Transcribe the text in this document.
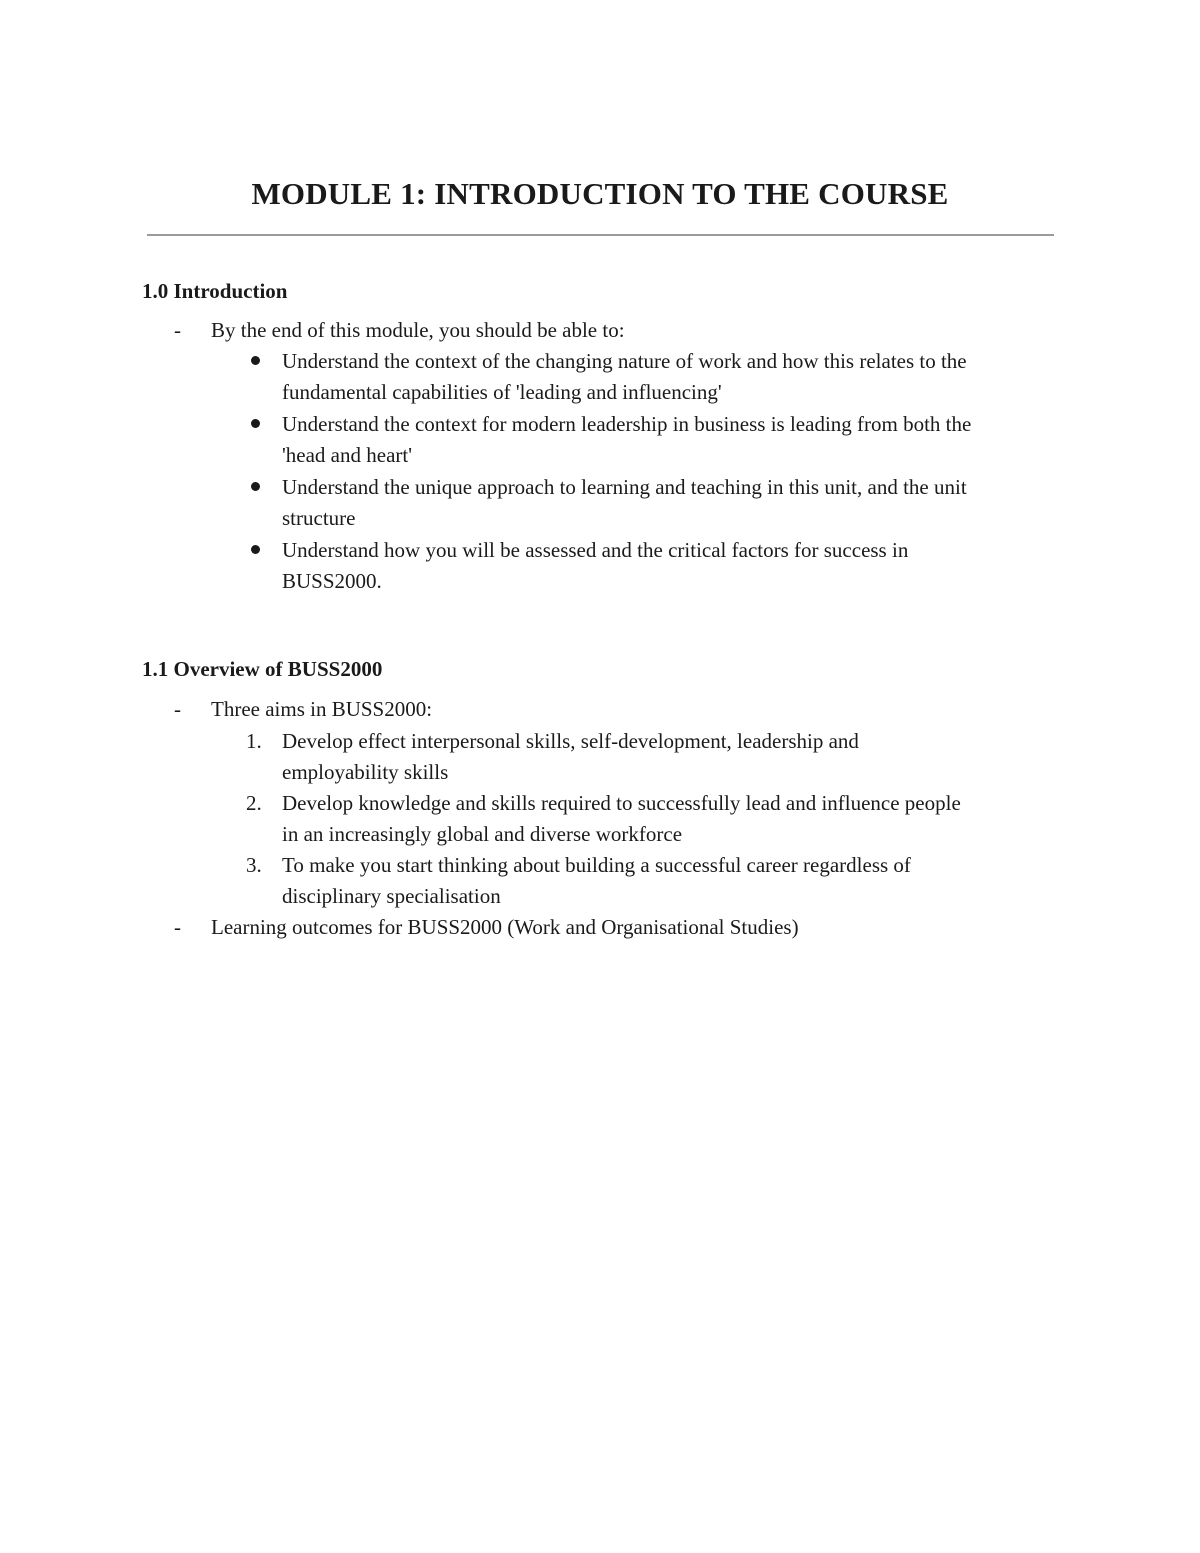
MODULE 1: INTRODUCTION TO THE COURSE
1.0 Introduction
- By the end of this module, you should be able to:
Understand the context of the changing nature of work and how this relates to the
fundamental capabilities of 'leading and influencing'
Understand the context for modern leadership in business is leading from both the
'head and heart'
Understand the unique approach to learning and teaching in this unit, and the unit
structure
Understand how you will be assessed and the critical factors for success in
BUSS2000.
1.1 Overview of BUSS2000
- Three aims in BUSS2000:
1. Develop effect interpersonal skills, self-development, leadership and
employability skills
2. Develop knowledge and skills required to successfully lead and influence people
in an increasingly global and diverse workforce
3. To make you start thinking about building a successful career regardless of
disciplinary specialisation
- Learning outcomes for BUSS2000 (Work and Organisational Studies)
